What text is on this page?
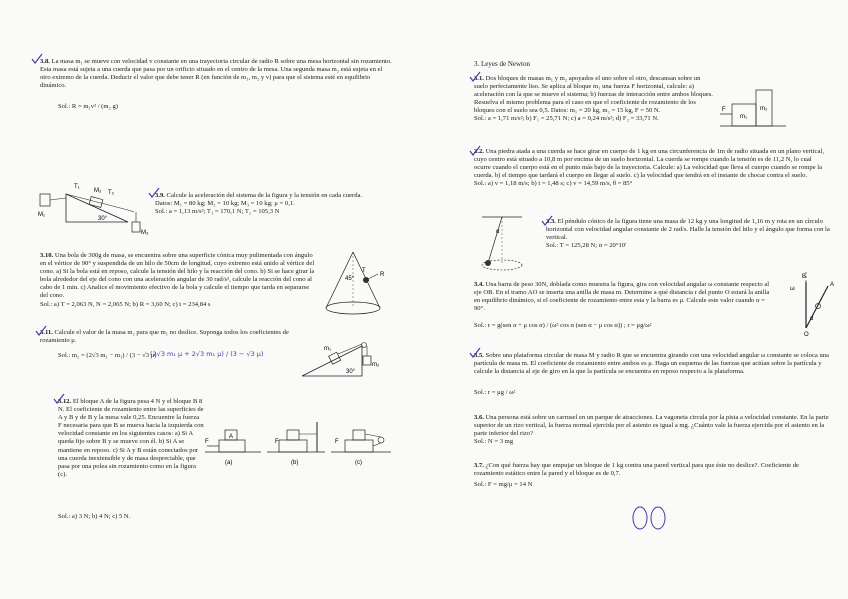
3.8. La masa m₁ se mueve con velocidad v constante en una trayectoria circular de radio R sobre una mesa horizontal sin rozamiento. Esta masa está sujeta a una cuerda que pasa por un orificio situado en el centro de la mesa. Una segunda masa m₂ está sujeta en el otro extremo de la cuerda. Deducir el valor que debe tener R (en función de m₁, m₂ y v) para que el sistema esté en equilibrio dinámico.

Sol.: R = m₁v² / (m₂ g)
M₁
T₁
T₂
M₂
M₃
30°

3.9. Calcule la aceleración del sistema de la figura y la tensión en cada cuerda.

Datos: M₁ = 80 kg; M₂ = 10 kg; M₃ = 10 kg; μ = 0,1.

Sol.: a = 1,13 m/s²; T₁ = 170,1 N; T₂ = 105,3 N

3.10. Una bola de 300g de masa, se encuentra sobre una superficie cónica muy pulimentada con ángulo en el vértice de 90° y suspendida de un hilo de 50cm de longitud, cuyo extremo está unido al vértice del cono. a) Si la bola está en reposo, calcule la tensión del hilo y la reacción del cono. b) Si se hace girar la bola alrededor del eje del cono con una aceleración angular de 30 rad/s², calcule la reacción del cono al cabo de 1 min. c) Analice el movimiento efectivo de la bola y calcule el tiempo que tarda en separarse del cono.

Sol.: a) T = 2,063 N, N = 2,065 N; b) R = 3,60 N; c) t = 234,84 s

R
T
45°

3.11. Calcule el valor de la masa m₂ para que m₁ no deslice. Suponga todos los coeficientes de rozamiento μ.

Sol.: m₂ = (2√3 m₁ − m₁) / (3 − √3 μ)
(2√3 m₁ μ + 2√3 m₁ μ) / (3 − √3 μ)
m₁
m₂
30°

3.12. El bloque A de la figura pesa 4 N y el bloque B 8 N. El coeficiente de rozamiento entre las superficies de A y B y de B y la mesa vale 0,25. Encuentre la fuerza F necesaria para que B se mueva hacia la izquierda con velocidad constante en los siguientes casos: a) Si A queda fijo sobre B y se mueve con él. b) Si A se mantiene en reposo. c) Si A y B están conectados por una cuerda inextensible y de masa despreciable, que pasa por una polea sin rozamiento como en la figura (c).

Sol.: a) 3 N; b) 4 N; c) 5 N.
A
F
(a)
F
(b)
F
(c)
3. Leyes de Newton

3.1. Dos bloques de masas m₁ y m₂ apoyados el uno sobre el otro, descansan sobre un suelo perfectamente liso. Se aplica al bloque m₁ una fuerza F horizontal, calcule: a) aceleración con la que se mueve el sistema; b) fuerzas de interacción entre ambos bloques. Resuelva el mismo problema para el caso en que el coeficiente de rozamiento de los bloques con el suelo sea 0,5. Datos: m₁ = 20 kg, m₂ = 15 kg, F = 50 N.

Sol.: a = 1,71 m/s²; b) F₁ = 25,71 N; c) a = 0,24 m/s²; d) F₂ = 33,71 N.

F
m₁
m₂

3.2. Una piedra atada a una cuerda se hace girar en cuerpo de 1 kg en una circunferencia de 1m de radio situada en un plano vertical, cuyo centro está situado a 10,8 m por encima de un suelo horizontal. La cuerda se rompe cuando la tensión es de 11,2 N, lo cual ocurre cuando el cuerpo está en el punto más bajo de la trayectoria. Calcule: a) La velocidad que lleva el cuerpo cuando se rompe la cuerda. b) el tiempo que tardará el cuerpo en llegar al suelo. c) la velocidad que tendrá en el instante de chocar contra el suelo.

Sol.: a) v = 1,18 m/s; b) t = 1,48 s; c) v = 14,59 m/s, θ = 85°

α

3.3. El péndulo cónico de la figura tiene una masa de 12 kg y una longitud de 1,16 m y rota en un círculo horizontal con velocidad angular constante de 2 rad/s. Halle la tensión del hilo y el ángulo que forma con la vertical.

Sol.: T = 125,28 N; α = 20°10'

3.4. Una barra de peso 30N, doblada como muestra la figura, gira con velocidad angular ω constante respecto al eje OB. En el tramo AO se inserta una anilla de masa m. Determine a qué distancia r del punto O estará la anilla en equilibrio dinámico, si el coeficiente de rozamiento entre esta y la barra es μ. Calcule este valor cuando α = 90°.

Sol.: r = g(sen α + μ cos α) / (ω² cos α (sen α − μ cos α)) ; r = μg/ω²
B
A
O
ω
α

3.5. Sobre una plataforma circular de masa M y radio R que se encuentra girando con una velocidad angular ω constante se coloca una partícula de masa m. El coeficiente de rozamiento entre ambos es μ. Haga un esquema de las fuerzas que actúan sobre la partícula y calcule la distancia al eje de giro en la que la partícula se encuentra en reposo respecto a la plataforma.

Sol.: r = μg / ω²

3.6. Una persona está sobre un carrusel en un parque de atracciones. La vagoneta circula por la pista a velocidad constante. En la parte superior de un rizo vertical, la fuerza normal ejercida por el asiento es igual a mg. ¿Cuánto vale la fuerza ejercida por el asiento en la parte inferior del rizo?

Sol.: N = 3 mg

3.7. ¿Con qué fuerza hay que empujar un bloque de 1 kg contra una pared vertical para que éste no deslice?. Coeficiente de rozamiento estático entre la pared y el bloque es de 0,7.

Sol.: F = mg/μ = 14 N
